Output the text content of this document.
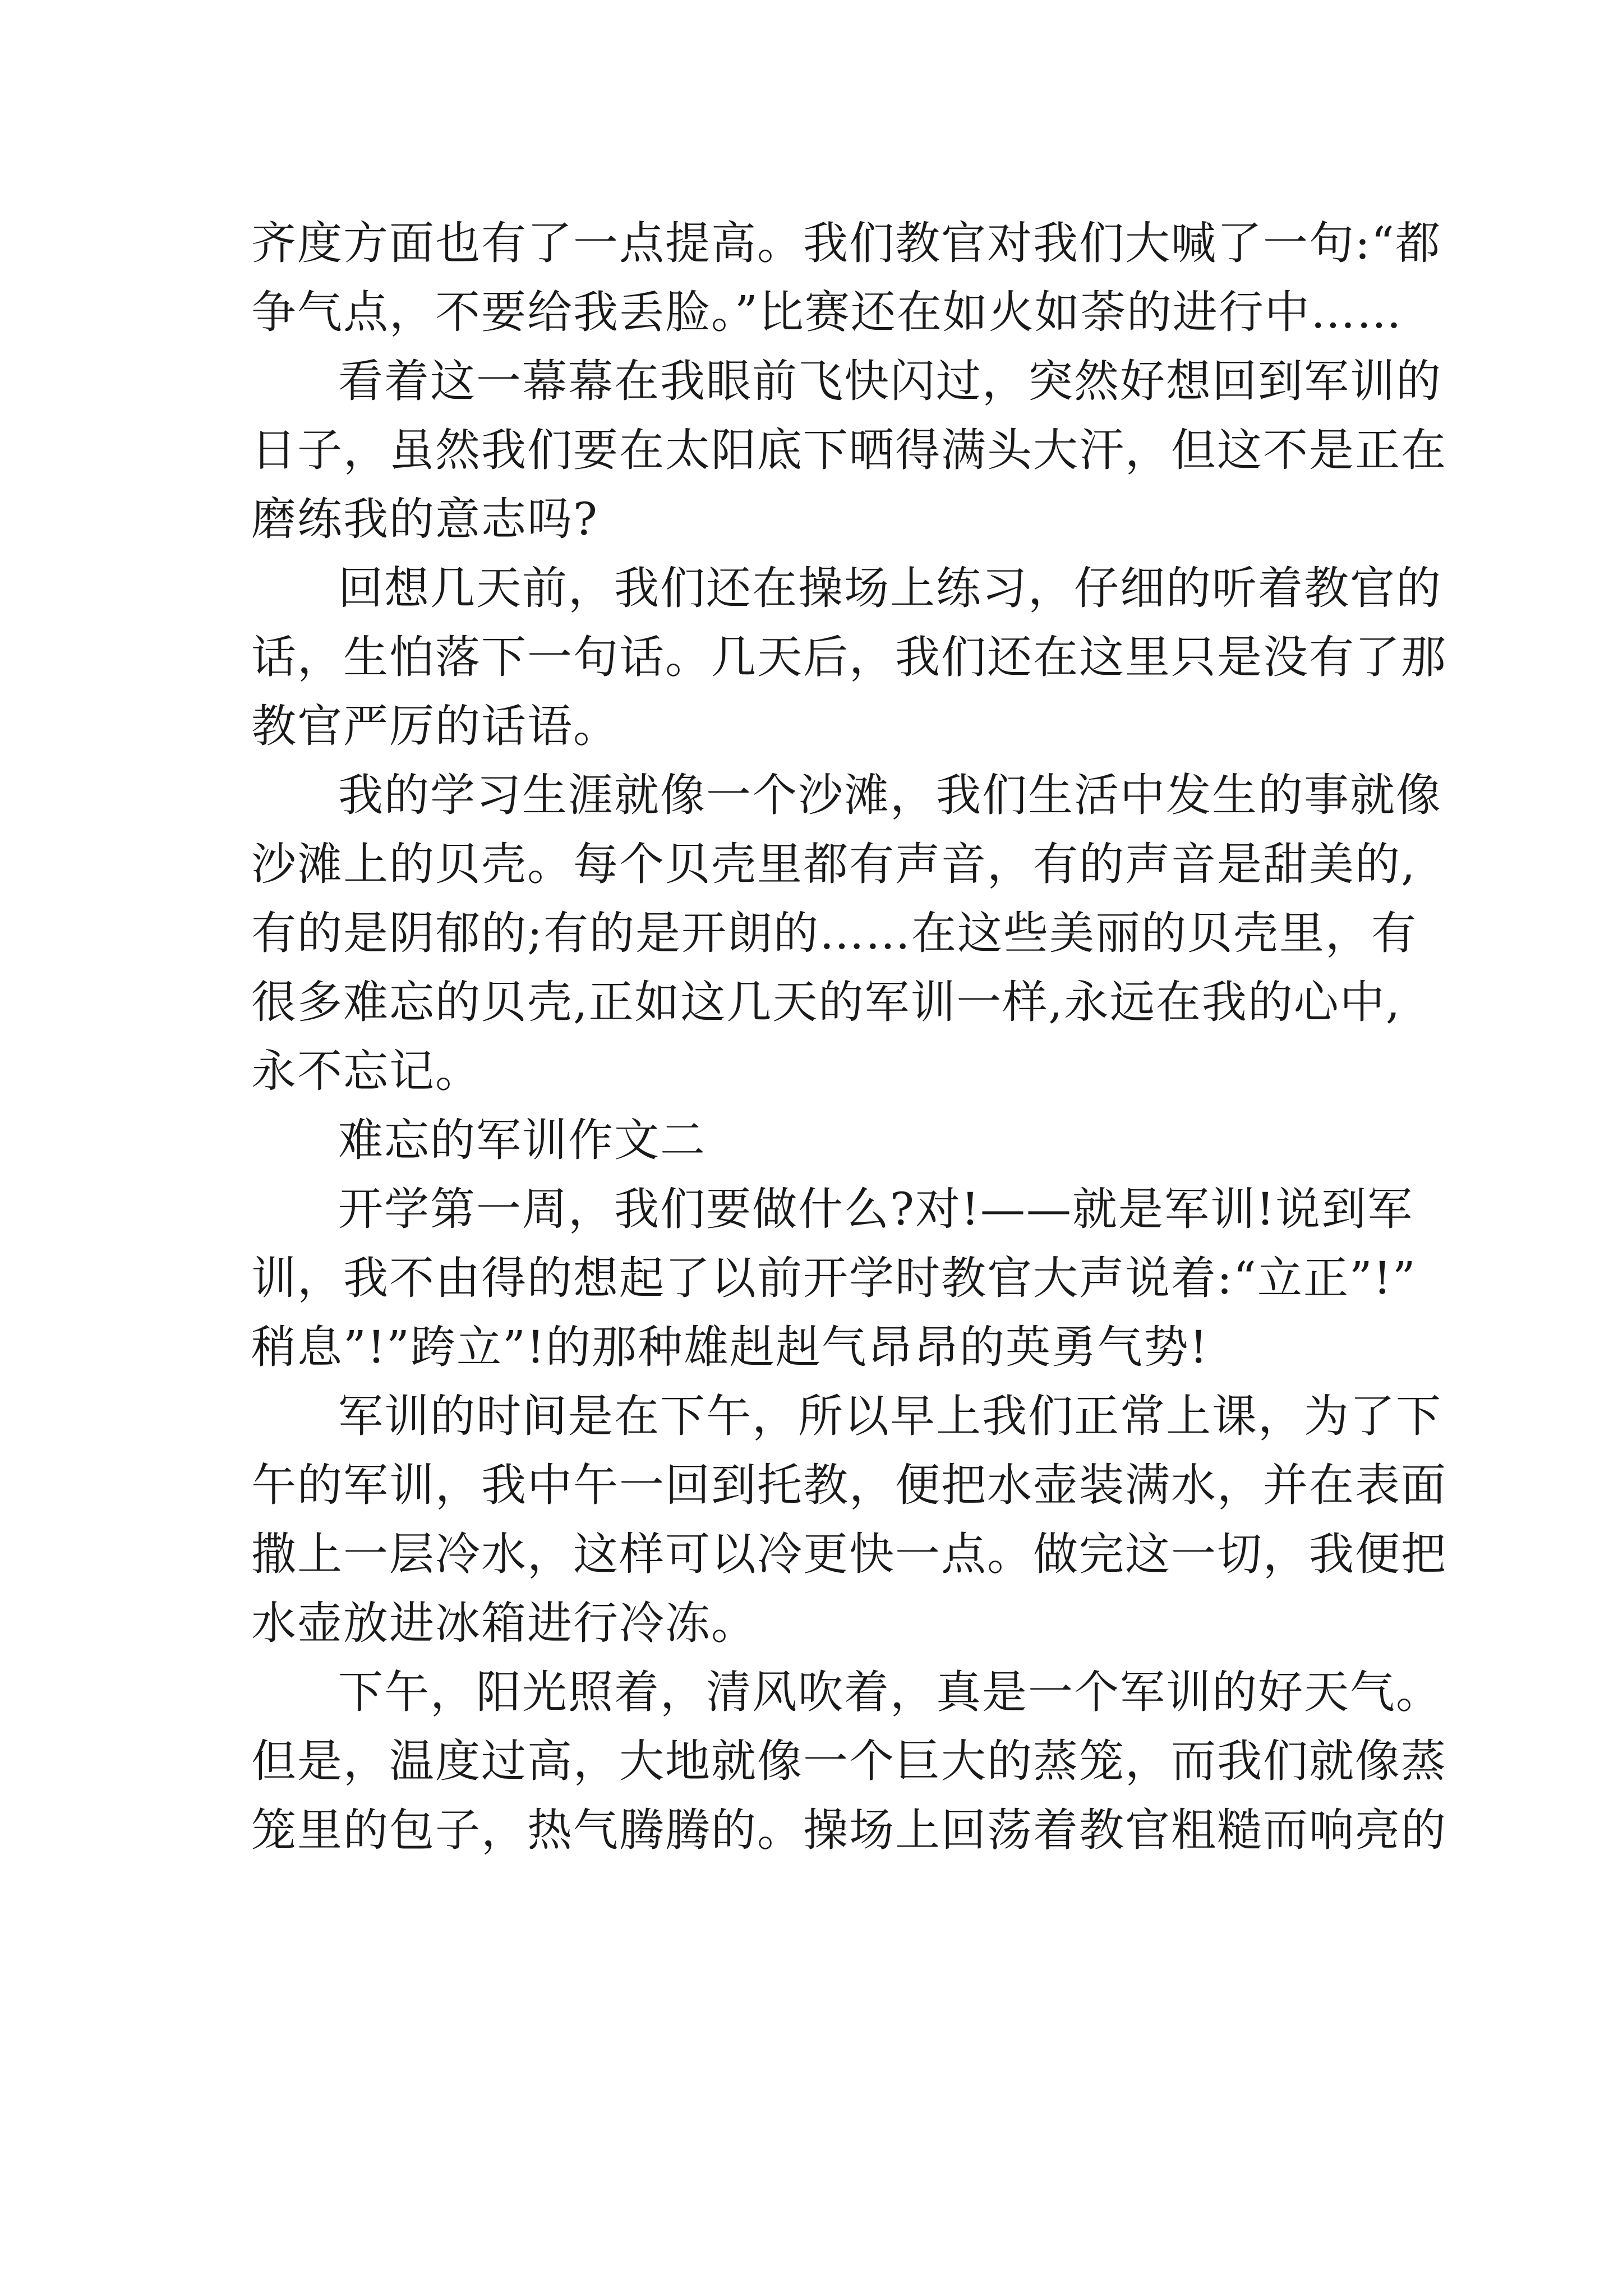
齐度方面也有了一点提高。我们教官对我们大喊了一句:“都
争气点，不要给我丢脸。”比赛还在如火如荼的进行中……
看着这一幕幕在我眼前飞快闪过，突然好想回到军训的
日子，虽然我们要在太阳底下晒得满头大汗，但这不是正在
磨练我的意志吗?
回想几天前，我们还在操场上练习，仔细的听着教官的
话，生怕落下一句话。几天后，我们还在这里只是没有了那
教官严厉的话语。
我的学习生涯就像一个沙滩，我们生活中发生的事就像
沙滩上的贝壳。每个贝壳里都有声音，有的声音是甜美的,
有的是阴郁的;有的是开朗的……在这些美丽的贝壳里，有
很多难忘的贝壳,正如这几天的军训一样,永远在我的心中,
永不忘记。
难忘的军训作文二
开学第一周，我们要做什么?对!——就是军训!说到军
训，我不由得的想起了以前开学时教官大声说着:“立正”!”
稍息”!”跨立”!的那种雄赳赳气昂昂的英勇气势!
军训的时间是在下午，所以早上我们正常上课，为了下
午的军训，我中午一回到托教，便把水壶装满水，并在表面
撒上一层冷水，这样可以冷更快一点。做完这一切，我便把
水壶放进冰箱进行冷冻。
下午，阳光照着，清风吹着，真是一个军训的好天气。
但是，温度过高，大地就像一个巨大的蒸笼，而我们就像蒸
笼里的包子，热气腾腾的。操场上回荡着教官粗糙而响亮的
